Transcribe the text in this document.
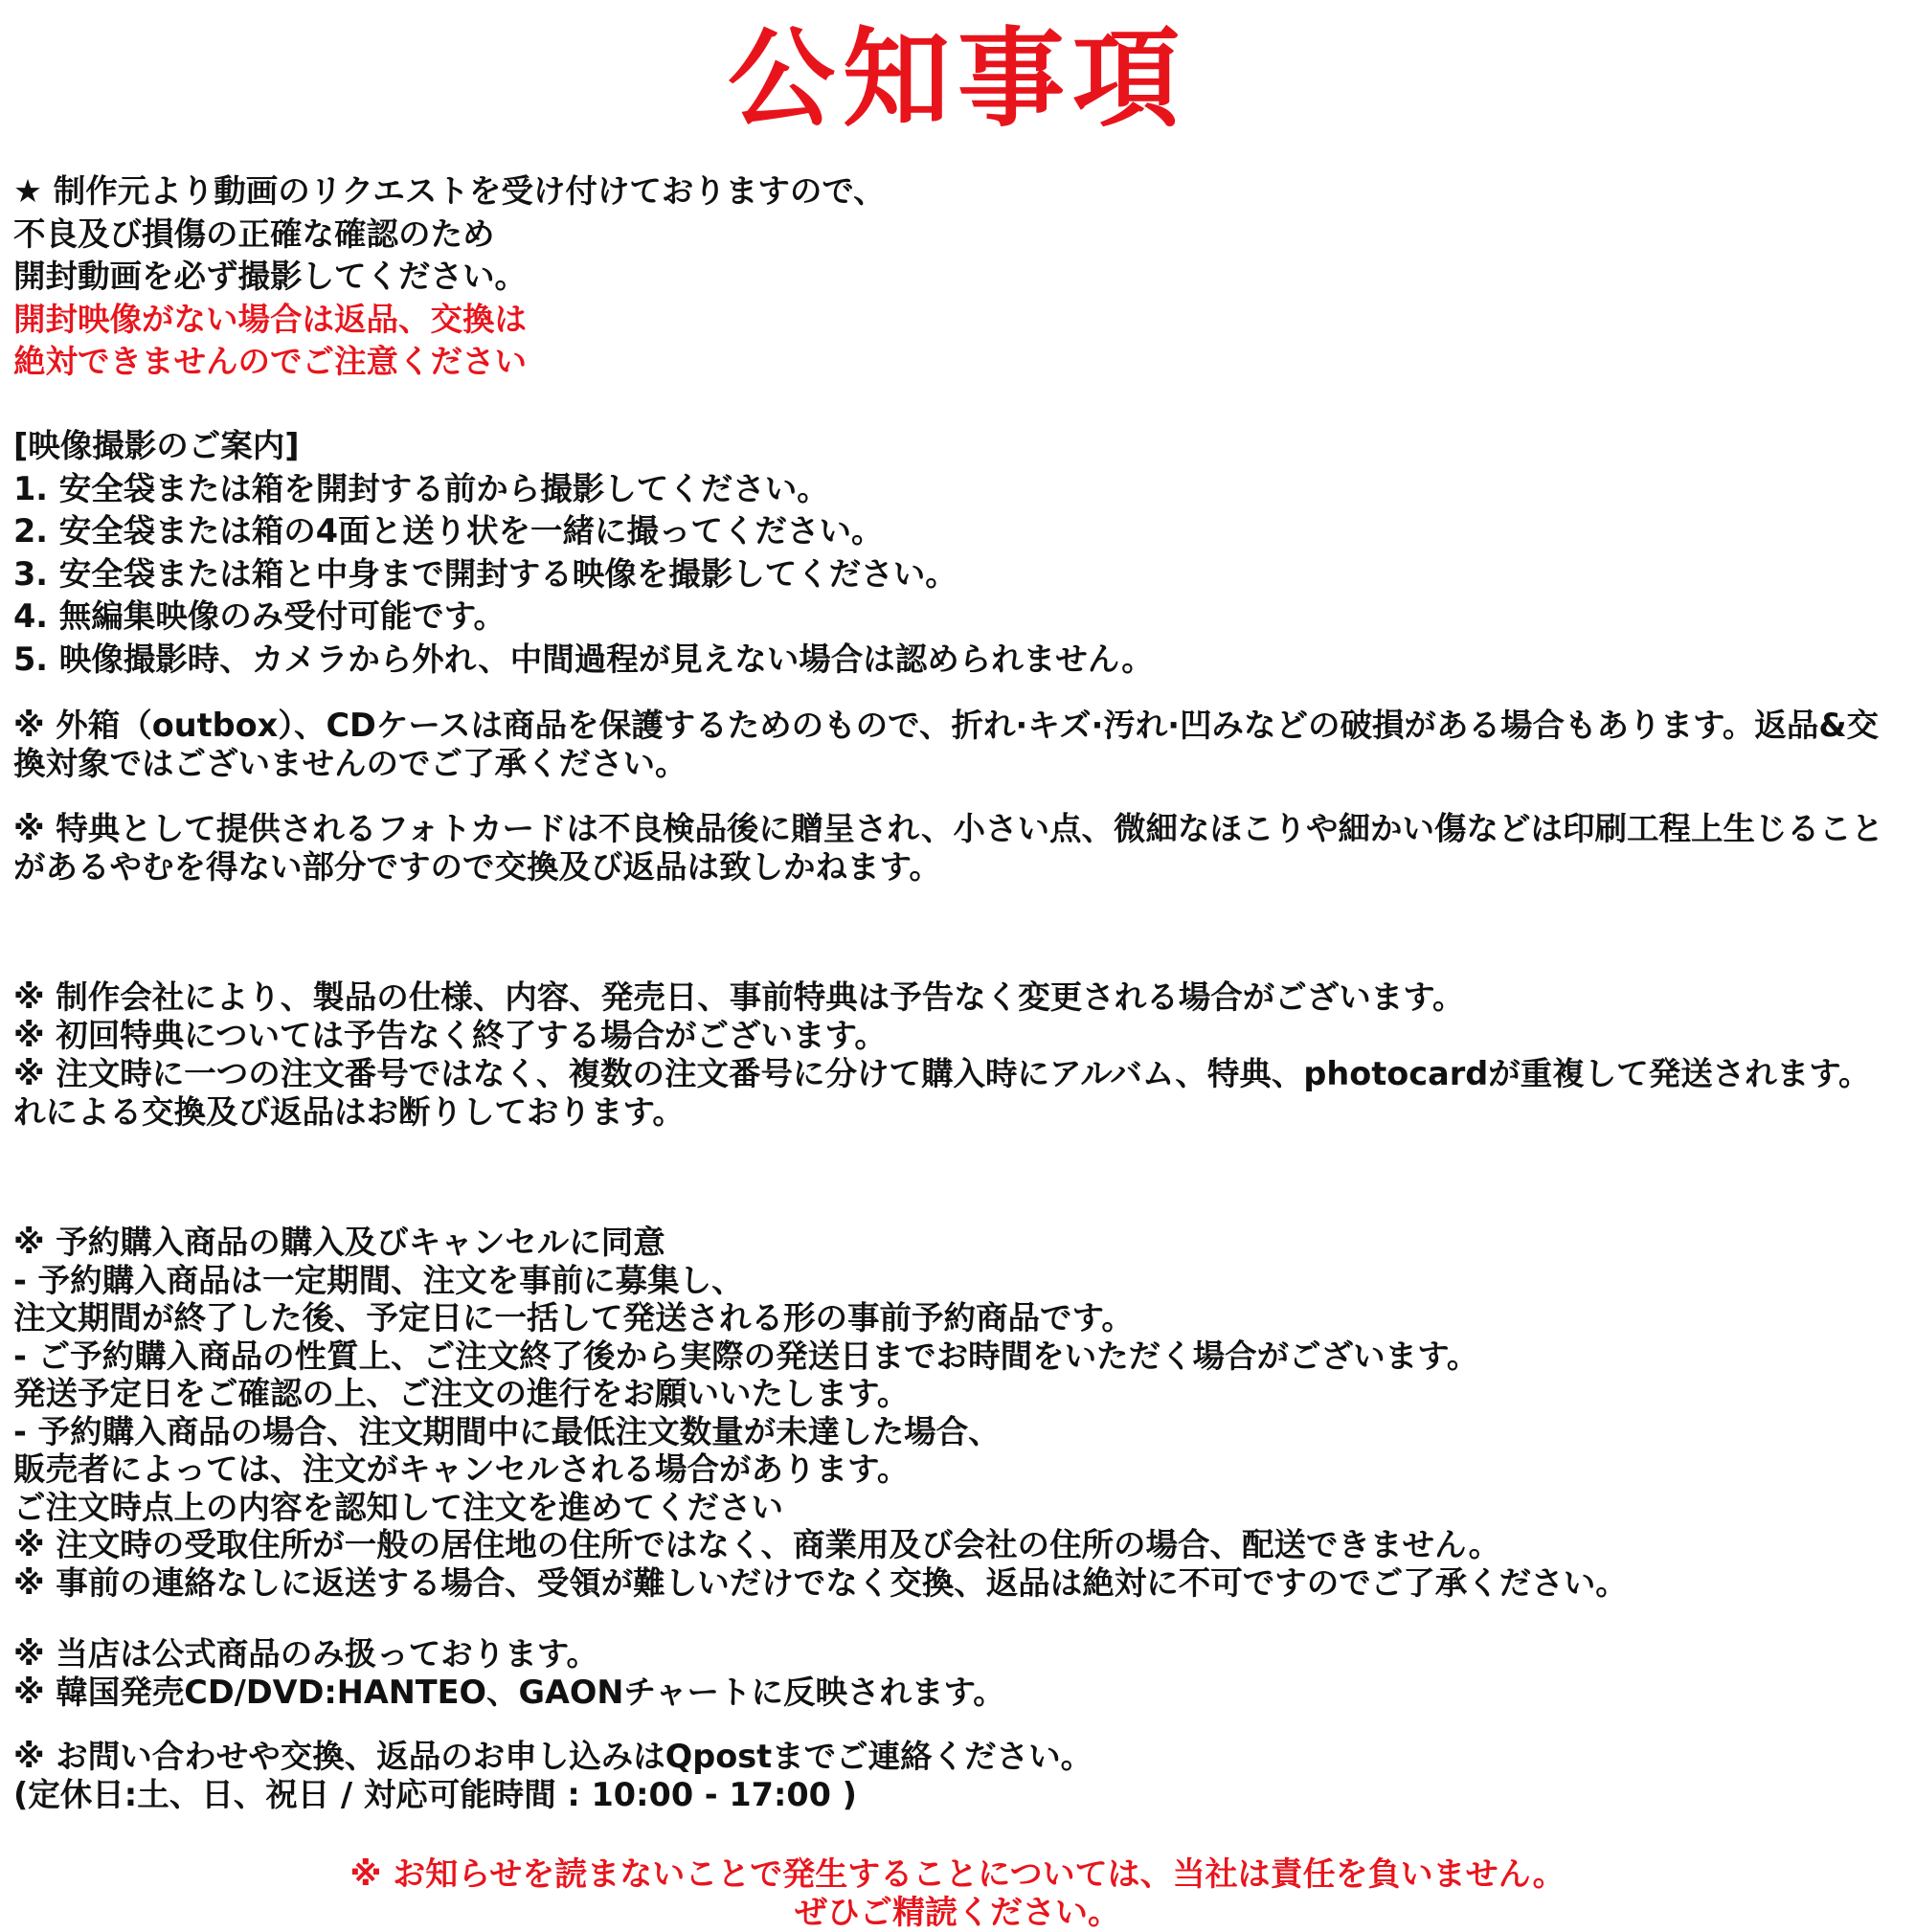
公知事項
★ 制作元より動画のリクエストを受け付けておりますので、
不良及び損傷の正確な確認のため
開封動画を必ず撮影してください。
開封映像がない場合は返品、交換は
絶対できませんのでご注意ください
[映像撮影のご案内]
1. 安全袋または箱を開封する前から撮影してください。
2. 安全袋または箱の4面と送り状を一緒に撮ってください。
3. 安全袋または箱と中身まで開封する映像を撮影してください。
4. 無編集映像のみ受付可能です。
5. 映像撮影時、カメラから外れ、中間過程が見えない場合は認められません。
※ 外箱（outbox）、CDケースは商品を保護するためのもので、折れ·キズ·汚れ·凹みなどの破損がある場合もあります。返品&交換対象ではございませんのでご了承ください。
※ 特典として提供されるフォトカードは不良検品後に贈呈され、小さい点、微細なほこりや細かい傷などは印刷工程上生じることがあるやむを得ない部分ですので交換及び返品は致しかねます。
※ 制作会社により、製品の仕様、内容、発売日、事前特典は予告なく変更される場合がございます。
※ 初回特典については予告なく終了する場合がございます。
※ 注文時に一つの注文番号ではなく、複数の注文番号に分けて購入時にアルバム、特典、photocardが重複して発送されます。 れによる交換及び返品はお断りしております。
※ 予約購入商品の購入及びキャンセルに同意
- 予約購入商品は一定期間、注文を事前に募集し、
注文期間が終了した後、予定日に一括して発送される形の事前予約商品です。
- ご予約購入商品の性質上、ご注文終了後から実際の発送日までお時間をいただく場合がございます。
発送予定日をご確認の上、ご注文の進行をお願いいたします。
- 予約購入商品の場合、注文期間中に最低注文数量が未達した場合、
販売者によっては、注文がキャンセルされる場合があります。
ご注文時点上の内容を認知して注文を進めてください
※ 注文時の受取住所が一般の居住地の住所ではなく、商業用及び会社の住所の場合、配送できません。
※ 事前の連絡なしに返送する場合、受領が難しいだけでなく交換、返品は絶対に不可ですのでご了承ください。
※ 当店は公式商品のみ扱っております。
※ 韓国発売CD/DVD:HANTEO、GAONチャートに反映されます。
※ お問い合わせや交換、返品のお申し込みはQpostまでご連絡ください。
(定休日:土、日、祝日 / 対応可能時間 : 10:00 - 17:00 )
※ お知らせを読まないことで発生することについては、当社は責任を負いません。
ぜひご精読ください。
